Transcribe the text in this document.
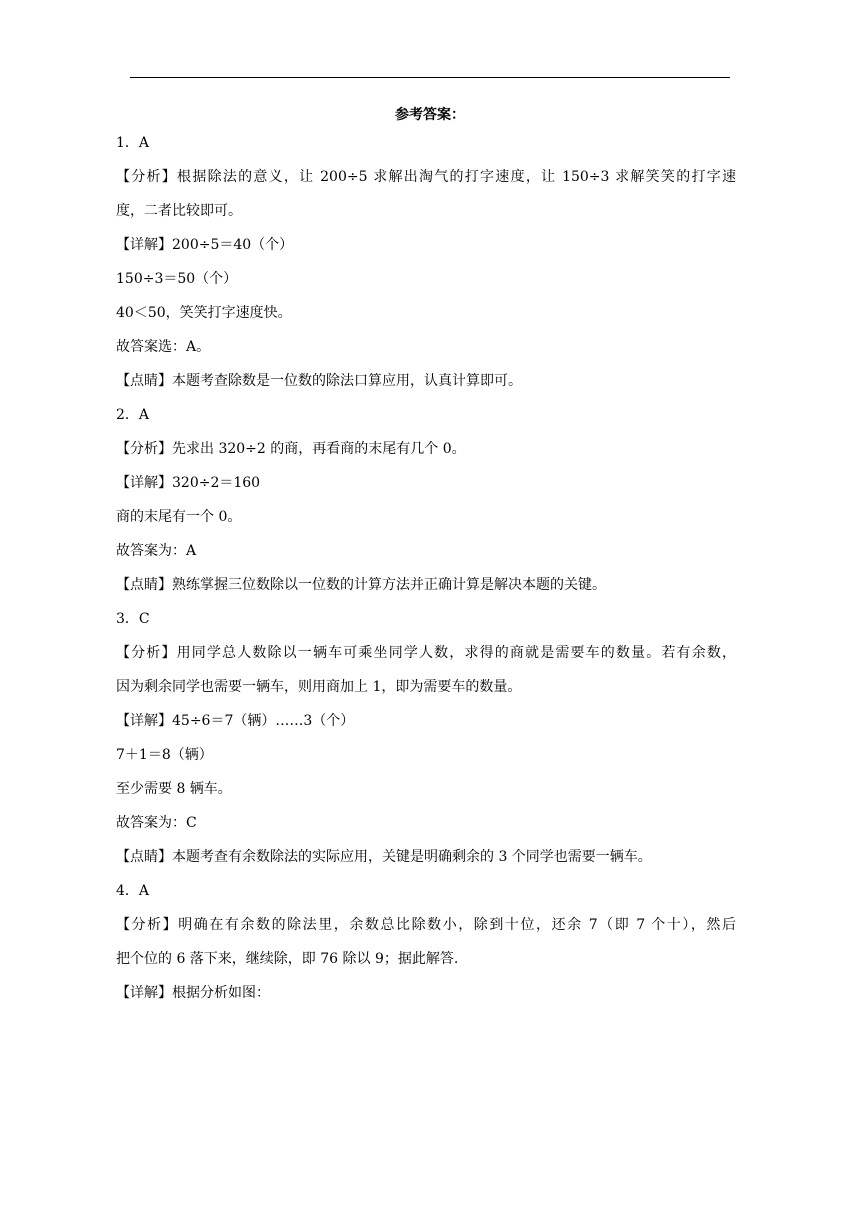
参考答案：
1．A
【分析】根据除法的意义，让 200÷5 求解出淘气的打字速度，让 150÷3 求解笑笑的打字速
度，二者比较即可。
【详解】200÷5＝40（个）
150÷3＝50（个）
40＜50，笑笑打字速度快。
故答案选：A。
【点睛】本题考查除数是一位数的除法口算应用，认真计算即可。
2．A
【分析】先求出 320÷2 的商，再看商的末尾有几个 0。
【详解】320÷2＝160
商的末尾有一个 0。
故答案为：A
【点睛】熟练掌握三位数除以一位数的计算方法并正确计算是解决本题的关键。
3．C
【分析】用同学总人数除以一辆车可乘坐同学人数，求得的商就是需要车的数量。若有余数，
因为剩余同学也需要一辆车，则用商加上 1，即为需要车的数量。
【详解】45÷6＝7（辆）……3（个）
7＋1＝8（辆）
至少需要 8 辆车。
故答案为：C
【点睛】本题考查有余数除法的实际应用，关键是明确剩余的 3 个同学也需要一辆车。
4．A
【分析】明确在有余数的除法里，余数总比除数小，除到十位，还余 7（即 7 个十），然后
把个位的 6 落下来，继续除，即 76 除以 9；据此解答.
【详解】根据分析如图：
